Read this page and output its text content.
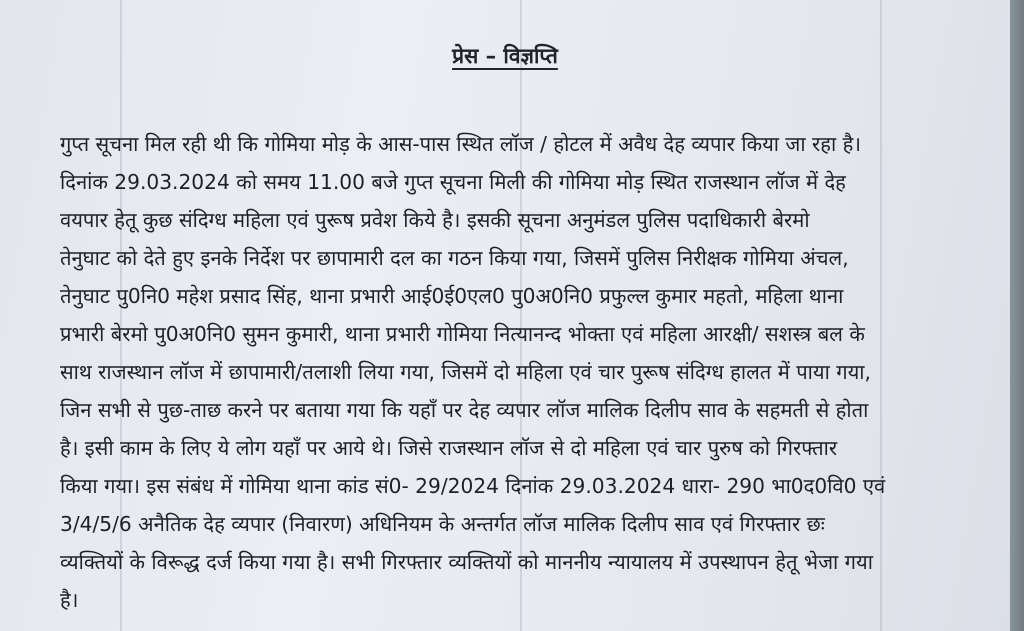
प्रेस – विज्ञप्ति
गुप्त सूचना मिल रही थी कि गोमिया मोड़ के आस-पास स्थित लॉज / होटल में अवैध देह व्यपार किया जा रहा है।
दिनांक 29.03.2024 को समय 11.00 बजे गुप्त सूचना मिली की गोमिया मोड़ स्थित राजस्थान लॉज में देह
वयपार हेतू कुछ संदिग्ध महिला एवं पुरूष प्रवेश किये है। इसकी सूचना अनुमंडल पुलिस पदाधिकारी बेरमो
तेनुघाट को देते हुए इनके निर्देश पर छापामारी दल का गठन किया गया, जिसमें पुलिस निरीक्षक गोमिया अंचल,
तेनुघाट पु0नि0 महेश प्रसाद सिंह, थाना प्रभारी आई0ई0एल0 पु0अ0नि0 प्रफुल्ल कुमार महतो, महिला थाना
प्रभारी बेरमो पु0अ0नि0 सुमन कुमारी, थाना प्रभारी गोमिया नित्यानन्द भोक्ता एवं महिला आरक्षी/ सशस्त्र बल के
साथ राजस्थान लॉज में छापामारी/तलाशी लिया गया, जिसमें दो महिला एवं चार पुरूष संदिग्ध हालत में पाया गया,
जिन सभी से पुछ-ताछ करने पर बताया गया कि यहाँ पर देह व्यपार लॉज मालिक दिलीप साव के सहमती से होता
है। इसी काम के लिए ये लोग यहाँ पर आये थे। जिसे राजस्थान लॉज से दो महिला एवं चार पुरुष को गिरफ्तार
किया गया। इस संबंध में गोमिया थाना कांड सं0- 29/2024 दिनांक 29.03.2024 धारा- 290 भा0द0वि0 एवं
3/4/5/6 अनैतिक देह व्यपार (निवारण) अधिनियम के अन्तर्गत लॉज मालिक दिलीप साव एवं गिरफ्तार छः
व्यक्तियों के विरूद्ध दर्ज किया गया है। सभी गिरफ्तार व्यक्तियों को माननीय न्यायालय में उपस्थापन हेतू भेजा गया
है।
